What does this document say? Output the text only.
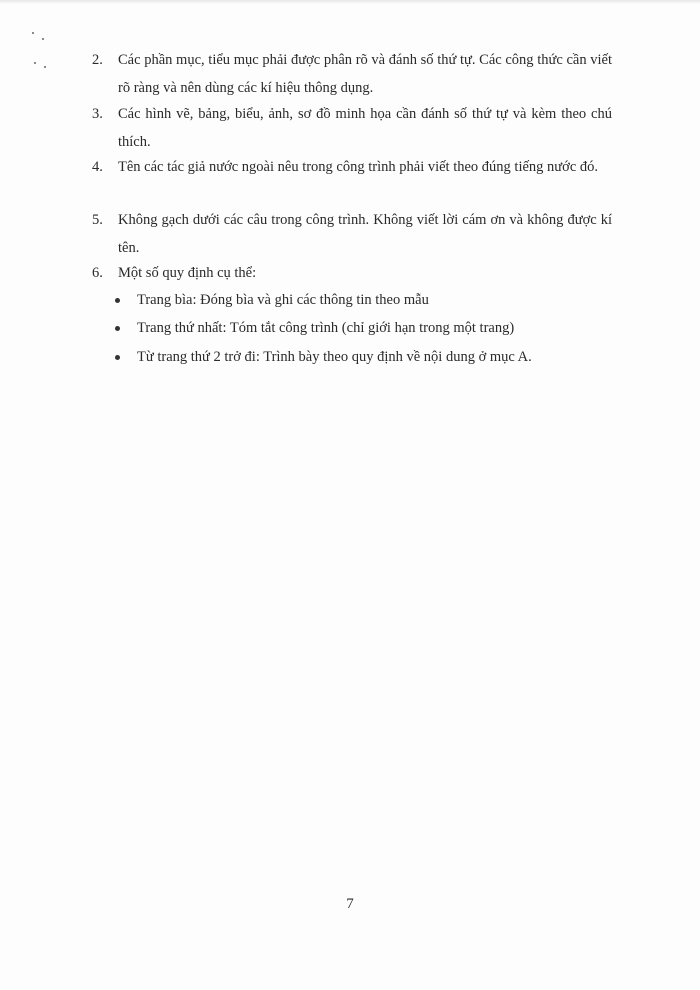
2. Các phần mục, tiểu mục phải được phân rõ và đánh số thứ tự. Các công thức cần viết rõ ràng và nên dùng các kí hiệu thông dụng.
3. Các hình vẽ, bảng, biểu, ảnh, sơ đồ minh họa cần đánh số thứ tự và kèm theo chú thích.
4. Tên các tác giả nước ngoài nêu trong công trình phải viết theo đúng tiếng nước đó.
5. Không gạch dưới các câu trong công trình. Không viết lời cám ơn và không được kí tên.
6. Một số quy định cụ thể:
Trang bìa: Đóng bìa và ghi các thông tin theo mẫu
Trang thứ nhất: Tóm tắt công trình (chỉ giới hạn trong một trang)
Từ trang thứ 2 trở đi: Trình bày theo quy định về nội dung ở mục A.
7
